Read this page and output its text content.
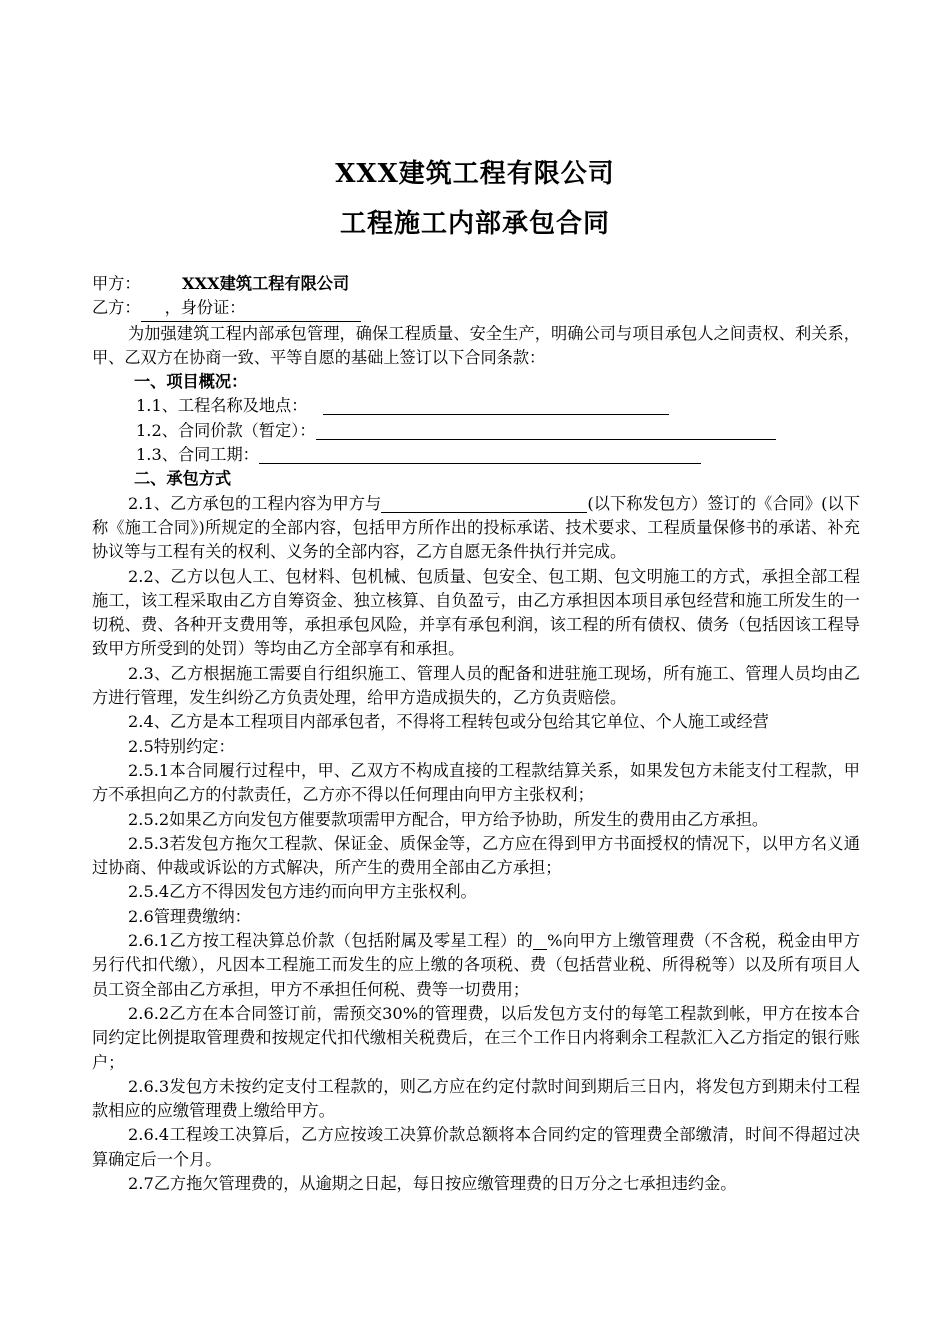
XXX建筑工程有限公司
工程施工内部承包合同
甲方：	XXX建筑工程有限公司
乙方： ，身份证：
为加强建筑工程内部承包管理，确保工程质量、安全生产，明确公司与项目承包人之间责权、利关系，甲、乙双方在协商一致、平等自愿的基础上签订以下合同条款：
一、项目概况：
1.1、工程名称及地点：
1.2、合同价款（暂定）：
1.3、合同工期：
二、承包方式
2.1、乙方承包的工程内容为甲方与	(以下称发包方）签订的《合同》(以下称《施工合同》)所规定的全部内容，包括甲方所作出的投标承诺、技术要求、工程质量保修书的承诺、补充协议等与工程有关的权利、义务的全部内容，乙方自愿无条件执行并完成。
2.2、乙方以包人工、包材料、包机械、包质量、包安全、包工期、包文明施工的方式，承担全部工程施工，该工程采取由乙方自筹资金、独立核算、自负盈亏，由乙方承担因本项目承包经营和施工所发生的一切税、费、各种开支费用等，承担承包风险，并享有承包利润，该工程的所有债权、债务（包括因该工程导致甲方所受到的处罚）等均由乙方全部享有和承担。
2.3、乙方根据施工需要自行组织施工、管理人员的配备和进驻施工现场，所有施工、管理人员均由乙方进行管理，发生纠纷乙方负责处理，给甲方造成损失的，乙方负责赔偿。
2.4、乙方是本工程项目内部承包者，不得将工程转包或分包给其它单位、个人施工或经营
2.5特别约定：
2.5.1本合同履行过程中，甲、乙双方不构成直接的工程款结算关系，如果发包方未能支付工程款，甲方不承担向乙方的付款责任，乙方亦不得以任何理由向甲方主张权利；
2.5.2如果乙方向发包方催要款项需甲方配合，甲方给予协助，所发生的费用由乙方承担。
2.5.3若发包方拖欠工程款、保证金、质保金等，乙方应在得到甲方书面授权的情况下，以甲方名义通过协商、仲裁或诉讼的方式解决，所产生的费用全部由乙方承担；
2.5.4乙方不得因发包方违约而向甲方主张权利。
2.6管理费缴纳：
2.6.1乙方按工程决算总价款（包括附属及零星工程）的 %向甲方上缴管理费（不含税，税金由甲方另行代扣代缴），凡因本工程施工而发生的应上缴的各项税、费（包括营业税、所得税等）以及所有项目人员工资全部由乙方承担，甲方不承担任何税、费等一切费用；
2.6.2乙方在本合同签订前，需预交30%的管理费，以后发包方支付的每笔工程款到帐，甲方在按本合同约定比例提取管理费和按规定代扣代缴相关税费后，在三个工作日内将剩余工程款汇入乙方指定的银行账户；
2.6.3发包方未按约定支付工程款的，则乙方应在约定付款时间到期后三日内，将发包方到期未付工程款相应的应缴管理费上缴给甲方。
2.6.4工程竣工决算后，乙方应按竣工决算价款总额将本合同约定的管理费全部缴清，时间不得超过决算确定后一个月。
2.7乙方拖欠管理费的，从逾期之日起，每日按应缴管理费的日万分之七承担违约金。
